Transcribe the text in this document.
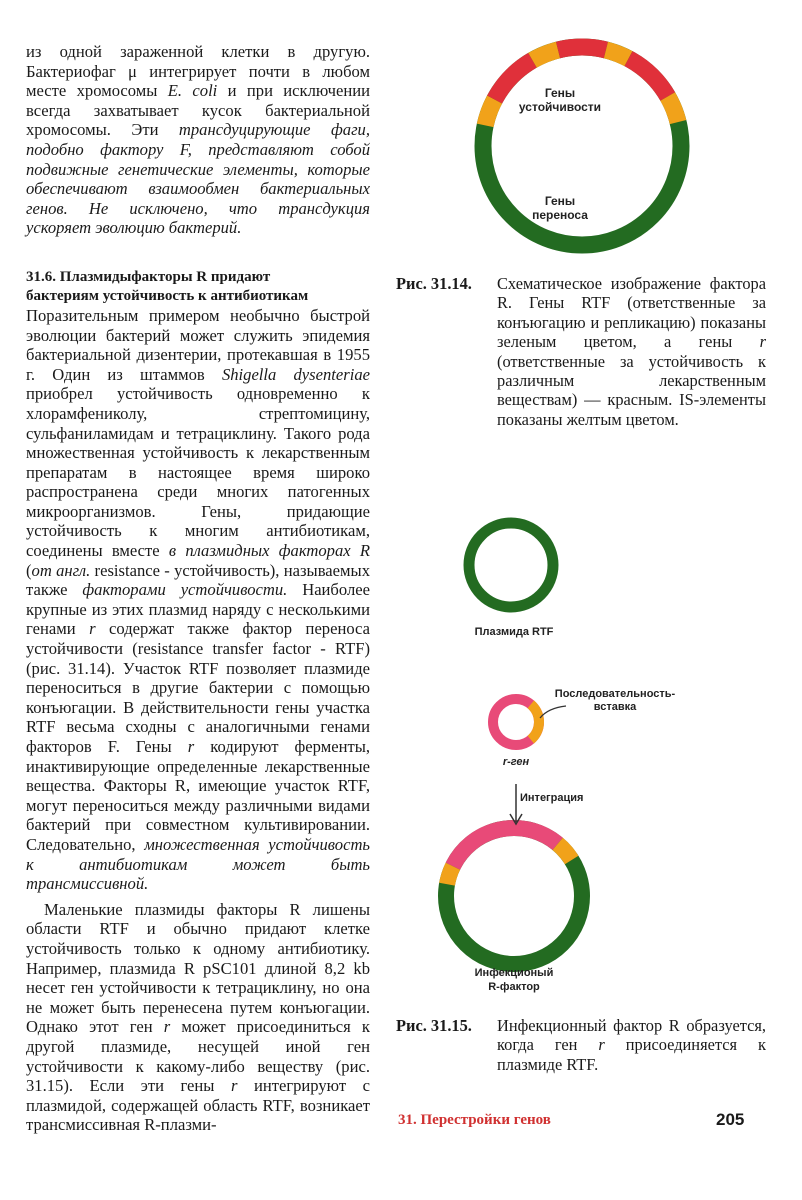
из одной зараженной клетки в другую. Бактериофаг μ интегрирует почти в любом месте хромосомы E. coli и при исключении всегда захватывает кусок бактериальной хромосомы. Эти трансдуцирующие фаги, подобно фактору F, представляют собой подвижные генетические элементы, которые обеспечивают взаимообмен бактериальных генов. Не исключено, что трансдукция ускоряет эволюцию бактерий.

31.6. Плазмидыфакторы R придают
бактериям устойчивость к антибиотикам

Поразительным примером необычно быстрой эволюции бактерий может служить эпидемия бактериальной дизентерии, протекавшая в 1955 г. Один из штаммов Shigella dysenteriae приобрел устойчивость одновременно к хлорамфениколу, стрептомицину, сульфаниламидам и тетрациклину. Такого рода множественная устойчивость к лекарственным препаратам в настоящее время широко распространена среди многих патогенных микроорганизмов. Гены, придающие устойчивость к многим антибиотикам, соединены вместе в плазмидных факторах R (от англ. resistance - устойчивость), называемых также факторами устойчивости. Наиболее крупные из этих плазмид наряду с несколькими генами r содержат также фактор переноса устойчивости (resistance transfer factor - RTF) (рис. 31.14). Участок RTF позволяет плазмиде переноситься в другие бактерии с помощью конъюгации. В действительности гены участка RTF весьма сходны с аналогичными генами факторов F. Гены r кодируют ферменты, инактивирующие определенные лекарственные вещества. Факторы R, имеющие участок RTF, могут переноситься между различными видами бактерий при совместном культивировании. Следовательно, множественная устойчивость к антибиотикам может быть трансмиссивной.

Маленькие плазмиды факторы R лишены области RTF и обычно придают клетке устойчивость только к одному антибиотику. Например, плазмида R pSC101 длиной 8,2 kb несет ген устойчивости к тетрациклину, но она не может быть перенесена путем конъюгации. Однако этот ген r может присоединиться к другой плазмиде, несущей иной ген устойчивости к какому-либо веществу (рис. 31.15). Если эти гены r интегрируют с плазмидой, содержащей область RTF, возникает трансмиссивная R-плазми-

Гены
устойчивости
Гены
переноса
Рис. 31.14.	Схематическое изображение фактора R. Гены RTF (ответственные за конъюгацию и репликацию) показаны зеленым цветом, а гены r (ответственные за устойчивость к различным лекарственным веществам) — красным. IS-элементы показаны желтым цветом.
Плазмида RTF
Последовательность-
вставка
r-ген
Интеграция
Инфекционый
R-фактор
Рис. 31.15.	Инфекционный фактор R образуется, когда ген r присоединяется к плазмиде RTF.
31. Перестройки генов	205
